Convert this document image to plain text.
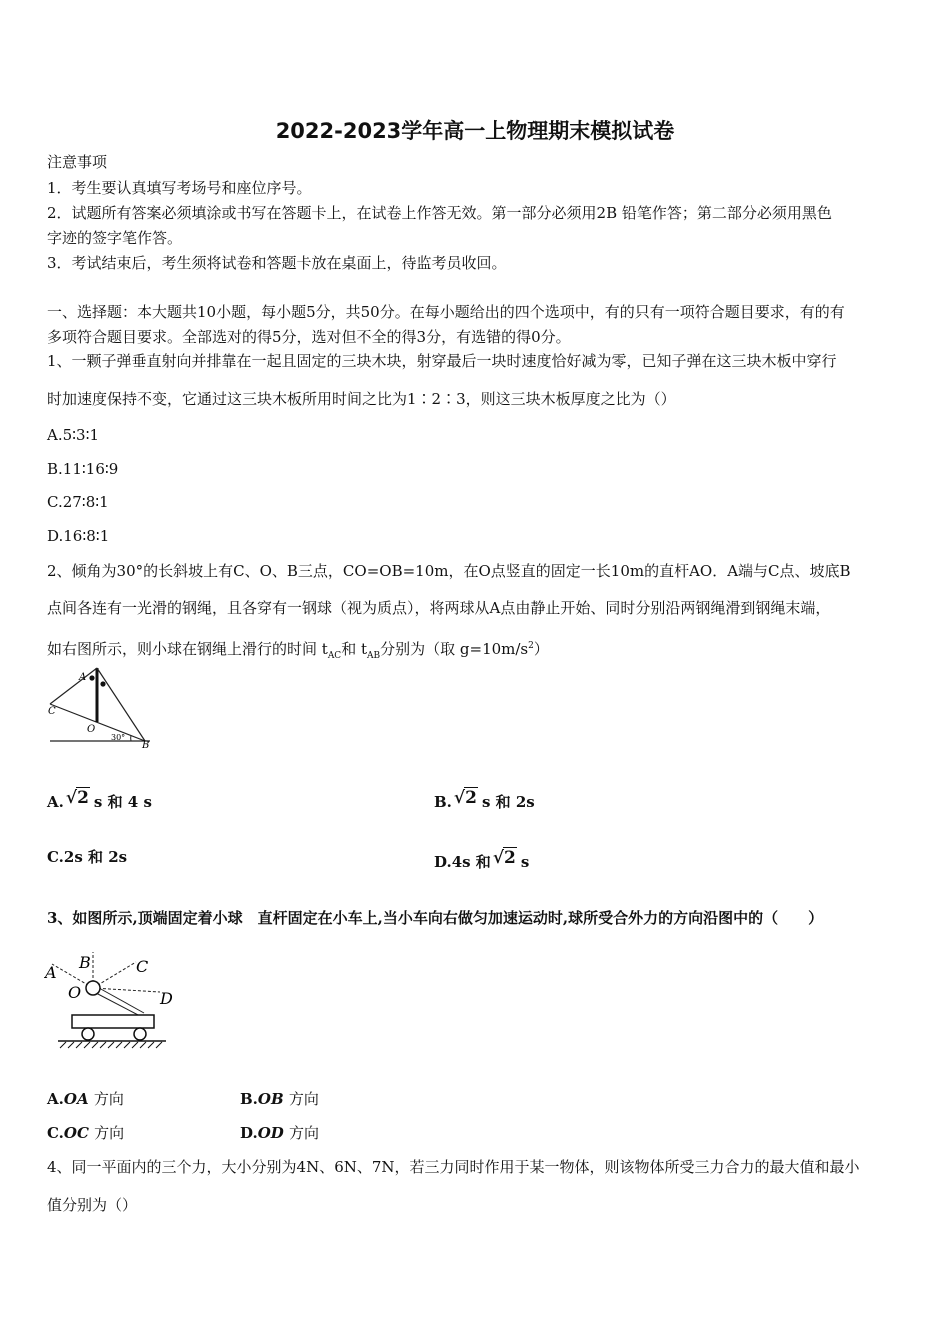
2022-2023学年高一上物理期末模拟试卷
注意事项
1．考生要认真填写考场号和座位序号。
2．试题所有答案必须填涂或书写在答题卡上，在试卷上作答无效。第一部分必须用2B 铅笔作答；第二部分必须用黑色
字迹的签字笔作答。
3．考试结束后，考生须将试卷和答题卡放在桌面上，待监考员收回。
一、选择题：本大题共10小题，每小题5分，共50分。在每小题给出的四个选项中，有的只有一项符合题目要求，有的有
多项符合题目要求。全部选对的得5分，选对但不全的得3分，有选错的得0分。
1、一颗子弹垂直射向并排靠在一起且固定的三块木块，射穿最后一块时速度恰好减为零，已知子弹在这三块木板中穿行
时加速度保持不变，它通过这三块木板所用时间之比为1∶2∶3，则这三块木板厚度之比为（）
A.5∶3∶1
B.11∶16∶9
C.27∶8∶1
D.16∶8∶1
2、倾角为30°的长斜坡上有C、O、B三点，CO=OB=10m，在O点竖直的固定一长10m的直杆AO．A端与C点、坡底B
点间各连有一光滑的钢绳，且各穿有一钢球（视为质点），将两球从A点由静止开始、同时分别沿两钢绳滑到钢绳末端，
如右图所示，则小球在钢绳上滑行的时间 $t_{AC}$和 $t_{AB}$分别为（取 $g=10m/s^2$）
A
C
O
B
30°
A. √2 s 和 4 s	B. √2 s 和 2s
C.2s 和 2s	D.4s 和 √2 s
3、如图所示,顶端固定着小球　直杆固定在小车上,当小车向右做匀加速运动时,球所受合外力的方向沿图中的（　　）
A
B	C
O	D
A.OA 方向	B.OB 方向
C.OC 方向	D.OD 方向
4、同一平面内的三个力，大小分别为4N、6N、7N，若三力同时作用于某一物体，则该物体所受三力合力的最大值和最小
值分别为（）
